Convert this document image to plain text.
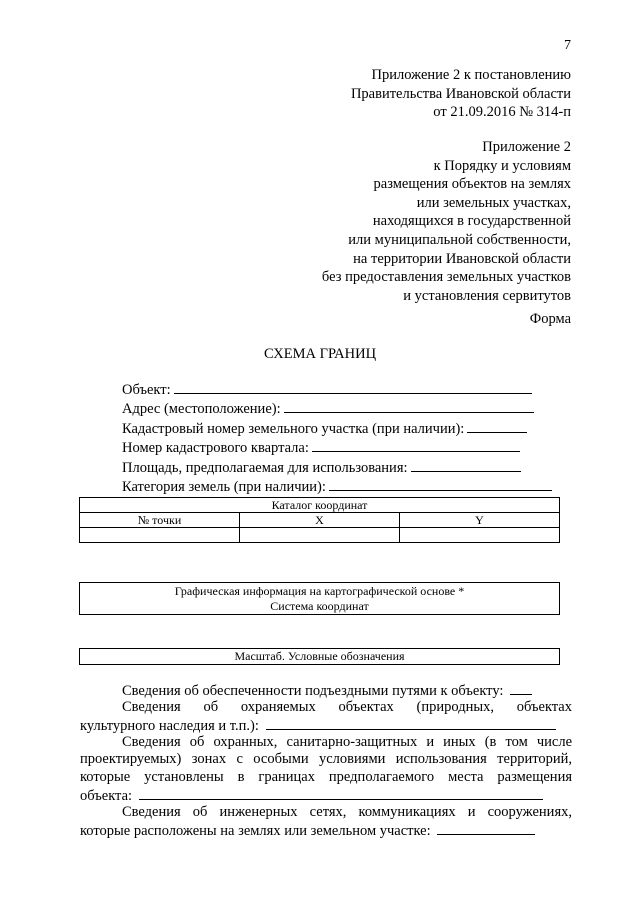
7
Приложение 2 к постановлению
Правительства Ивановской области
от 21.09.2016 № 314-п
Приложение 2
к Порядку и условиям
размещения объектов на землях
или земельных участках,
находящихся в государственной
или муниципальной собственности,
на территории Ивановской области
без предоставления земельных участков
и установления сервитутов
Форма
СХЕМА ГРАНИЦ
Объект:
Адрес (местоположение):
Кадастровый номер земельного участка (при наличии):
Номер кадастрового квартала:
Площадь, предполагаемая для использования:
Категория земель (при наличии):
Каталог координат		
№ точки	X	Y

Графическая информация на картографической основе *
Система координат
Масштаб. Условные обозначения
Сведения об обеспеченности подъездными путями к объекту:
Сведения об охраняемых объектах (природных, объектах
культурного наследия и т.п.):
Сведения об охранных, санитарно-защитных и иных (в том числе
проектируемых) зонах с особыми условиями использования территорий,
которые установлены в границах предполагаемого места размещения
объекта:
Сведения об инженерных сетях, коммуникациях и сооружениях,
которые расположены на землях или земельном участке:
